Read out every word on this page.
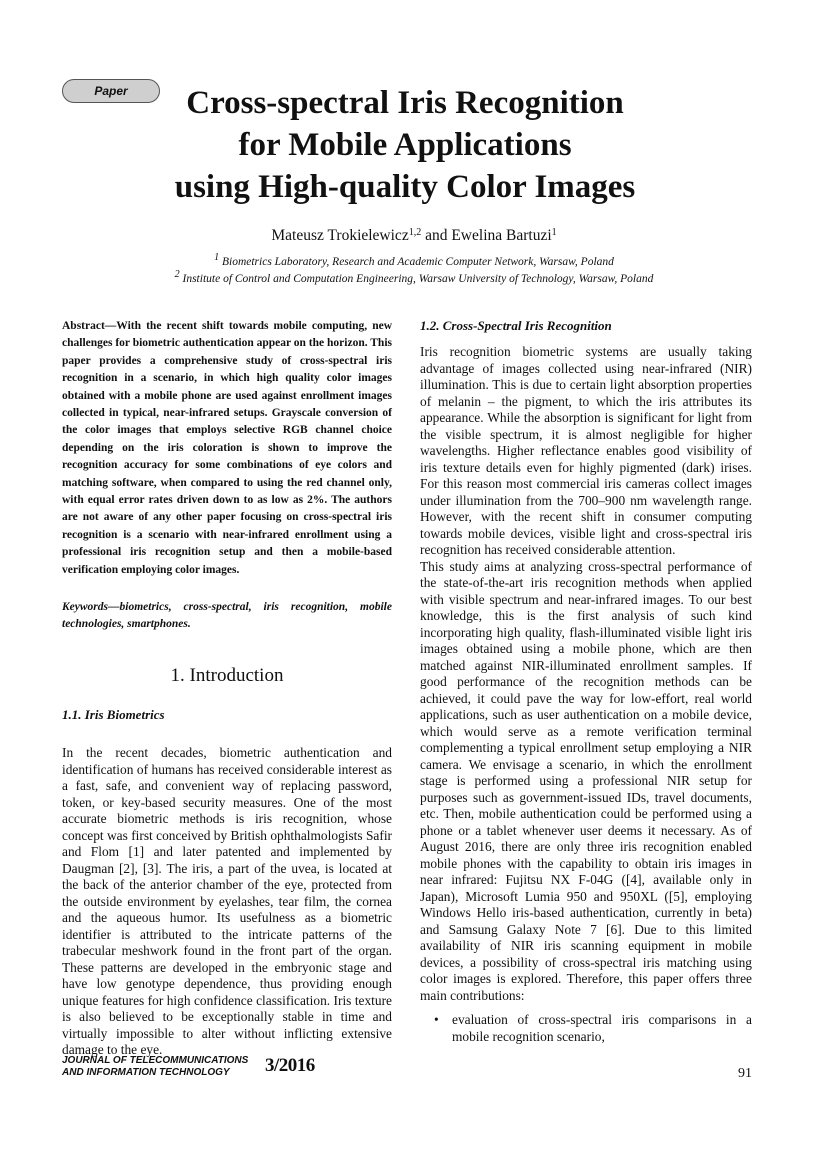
Paper	Cross-spectral Iris Recognition
for Mobile Applications
using High-quality Color Images
Mateusz Trokielewicz$^{1,2}$ and Ewelina Bartuzi$^1$
$^1$ Biometrics Laboratory, Research and Academic Computer Network, Warsaw, Poland
$^2$ Institute of Control and Computation Engineering, Warsaw University of Technology, Warsaw, Poland

Abstract—With the recent shift towards mobile computing, new challenges for biometric authentication appear on the horizon. This paper provides a comprehensive study of cross-spectral iris recognition in a scenario, in which high quality color images obtained with a mobile phone are used against enrollment images collected in typical, near-infrared setups. Grayscale conversion of the color images that employs selective RGB channel choice depending on the iris coloration is shown to improve the recognition accuracy for some combinations of eye colors and matching software, when compared to using the red channel only, with equal error rates driven down to as low as 2%. The authors are not aware of any other paper focusing on cross-spectral iris recognition is a scenario with near-infrared enrollment using a professional iris recognition setup and then a mobile-based verification employing color images.

Keywords—biometrics, cross-spectral, iris recognition, mobile technologies, smartphones.

1. Introduction
1.1. Iris Biometrics

In the recent decades, biometric authentication and identification of humans has received considerable interest as a fast, safe, and convenient way of replacing password, token, or key-based security measures. One of the most accurate biometric methods is iris recognition, whose concept was first conceived by British ophthalmologists Safir and Flom [1] and later patented and implemented by Daugman [2], [3]. The iris, a part of the uvea, is located at the back of the anterior chamber of the eye, protected from the outside environment by eyelashes, tear film, the cornea and the aqueous humor. Its usefulness as a biometric identifier is attributed to the intricate patterns of the trabecular meshwork found in the front part of the organ. These patterns are developed in the embryonic stage and have low genotype dependence, thus providing enough unique features for high confidence classification. Iris texture is also believed to be exceptionally stable in time and virtually impossible to alter without inflicting extensive damage to the eye.

1.2. Cross-Spectral Iris Recognition

Iris recognition biometric systems are usually taking advantage of images collected using near-infrared (NIR) illumination. This is due to certain light absorption properties of melanin – the pigment, to which the iris attributes its appearance. While the absorption is significant for light from the visible spectrum, it is almost negligible for higher wavelengths. Higher reflectance enables good visibility of iris texture details even for highly pigmented (dark) irises. For this reason most commercial iris cameras collect images under illumination from the 700–900 nm wavelength range. However, with the recent shift in consumer computing towards mobile devices, visible light and cross-spectral iris recognition has received considerable attention.

This study aims at analyzing cross-spectral performance of the state-of-the-art iris recognition methods when applied with visible spectrum and near-infrared images. To our best knowledge, this is the first analysis of such kind incorporating high quality, flash-illuminated visible light iris images obtained using a mobile phone, which are then matched against NIR-illuminated enrollment samples. If good performance of the recognition methods can be achieved, it could pave the way for low-effort, real world applications, such as user authentication on a mobile device, which would serve as a remote verification terminal complementing a typical enrollment setup employing a NIR camera. We envisage a scenario, in which the enrollment stage is performed using a professional NIR setup for purposes such as government-issued IDs, travel documents, etc. Then, mobile authentication could be performed using a phone or a tablet whenever user deems it necessary. As of August 2016, there are only three iris recognition enabled mobile phones with the capability to obtain iris images in near infrared: Fujitsu NX F-04G ([4], available only in Japan), Microsoft Lumia 950 and 950XL ([5], employing Windows Hello iris-based authentication, currently in beta) and Samsung Galaxy Note 7 [6]. Due to this limited availability of NIR iris scanning equipment in mobile devices, a possibility of cross-spectral iris matching using color images is explored. Therefore, this paper offers three main contributions:

• evaluation of cross-spectral iris comparisons in a mobile recognition scenario,
JOURNAL OF TELECOMMUNICATIONS
AND INFORMATION TECHNOLOGY	3/2016	91
